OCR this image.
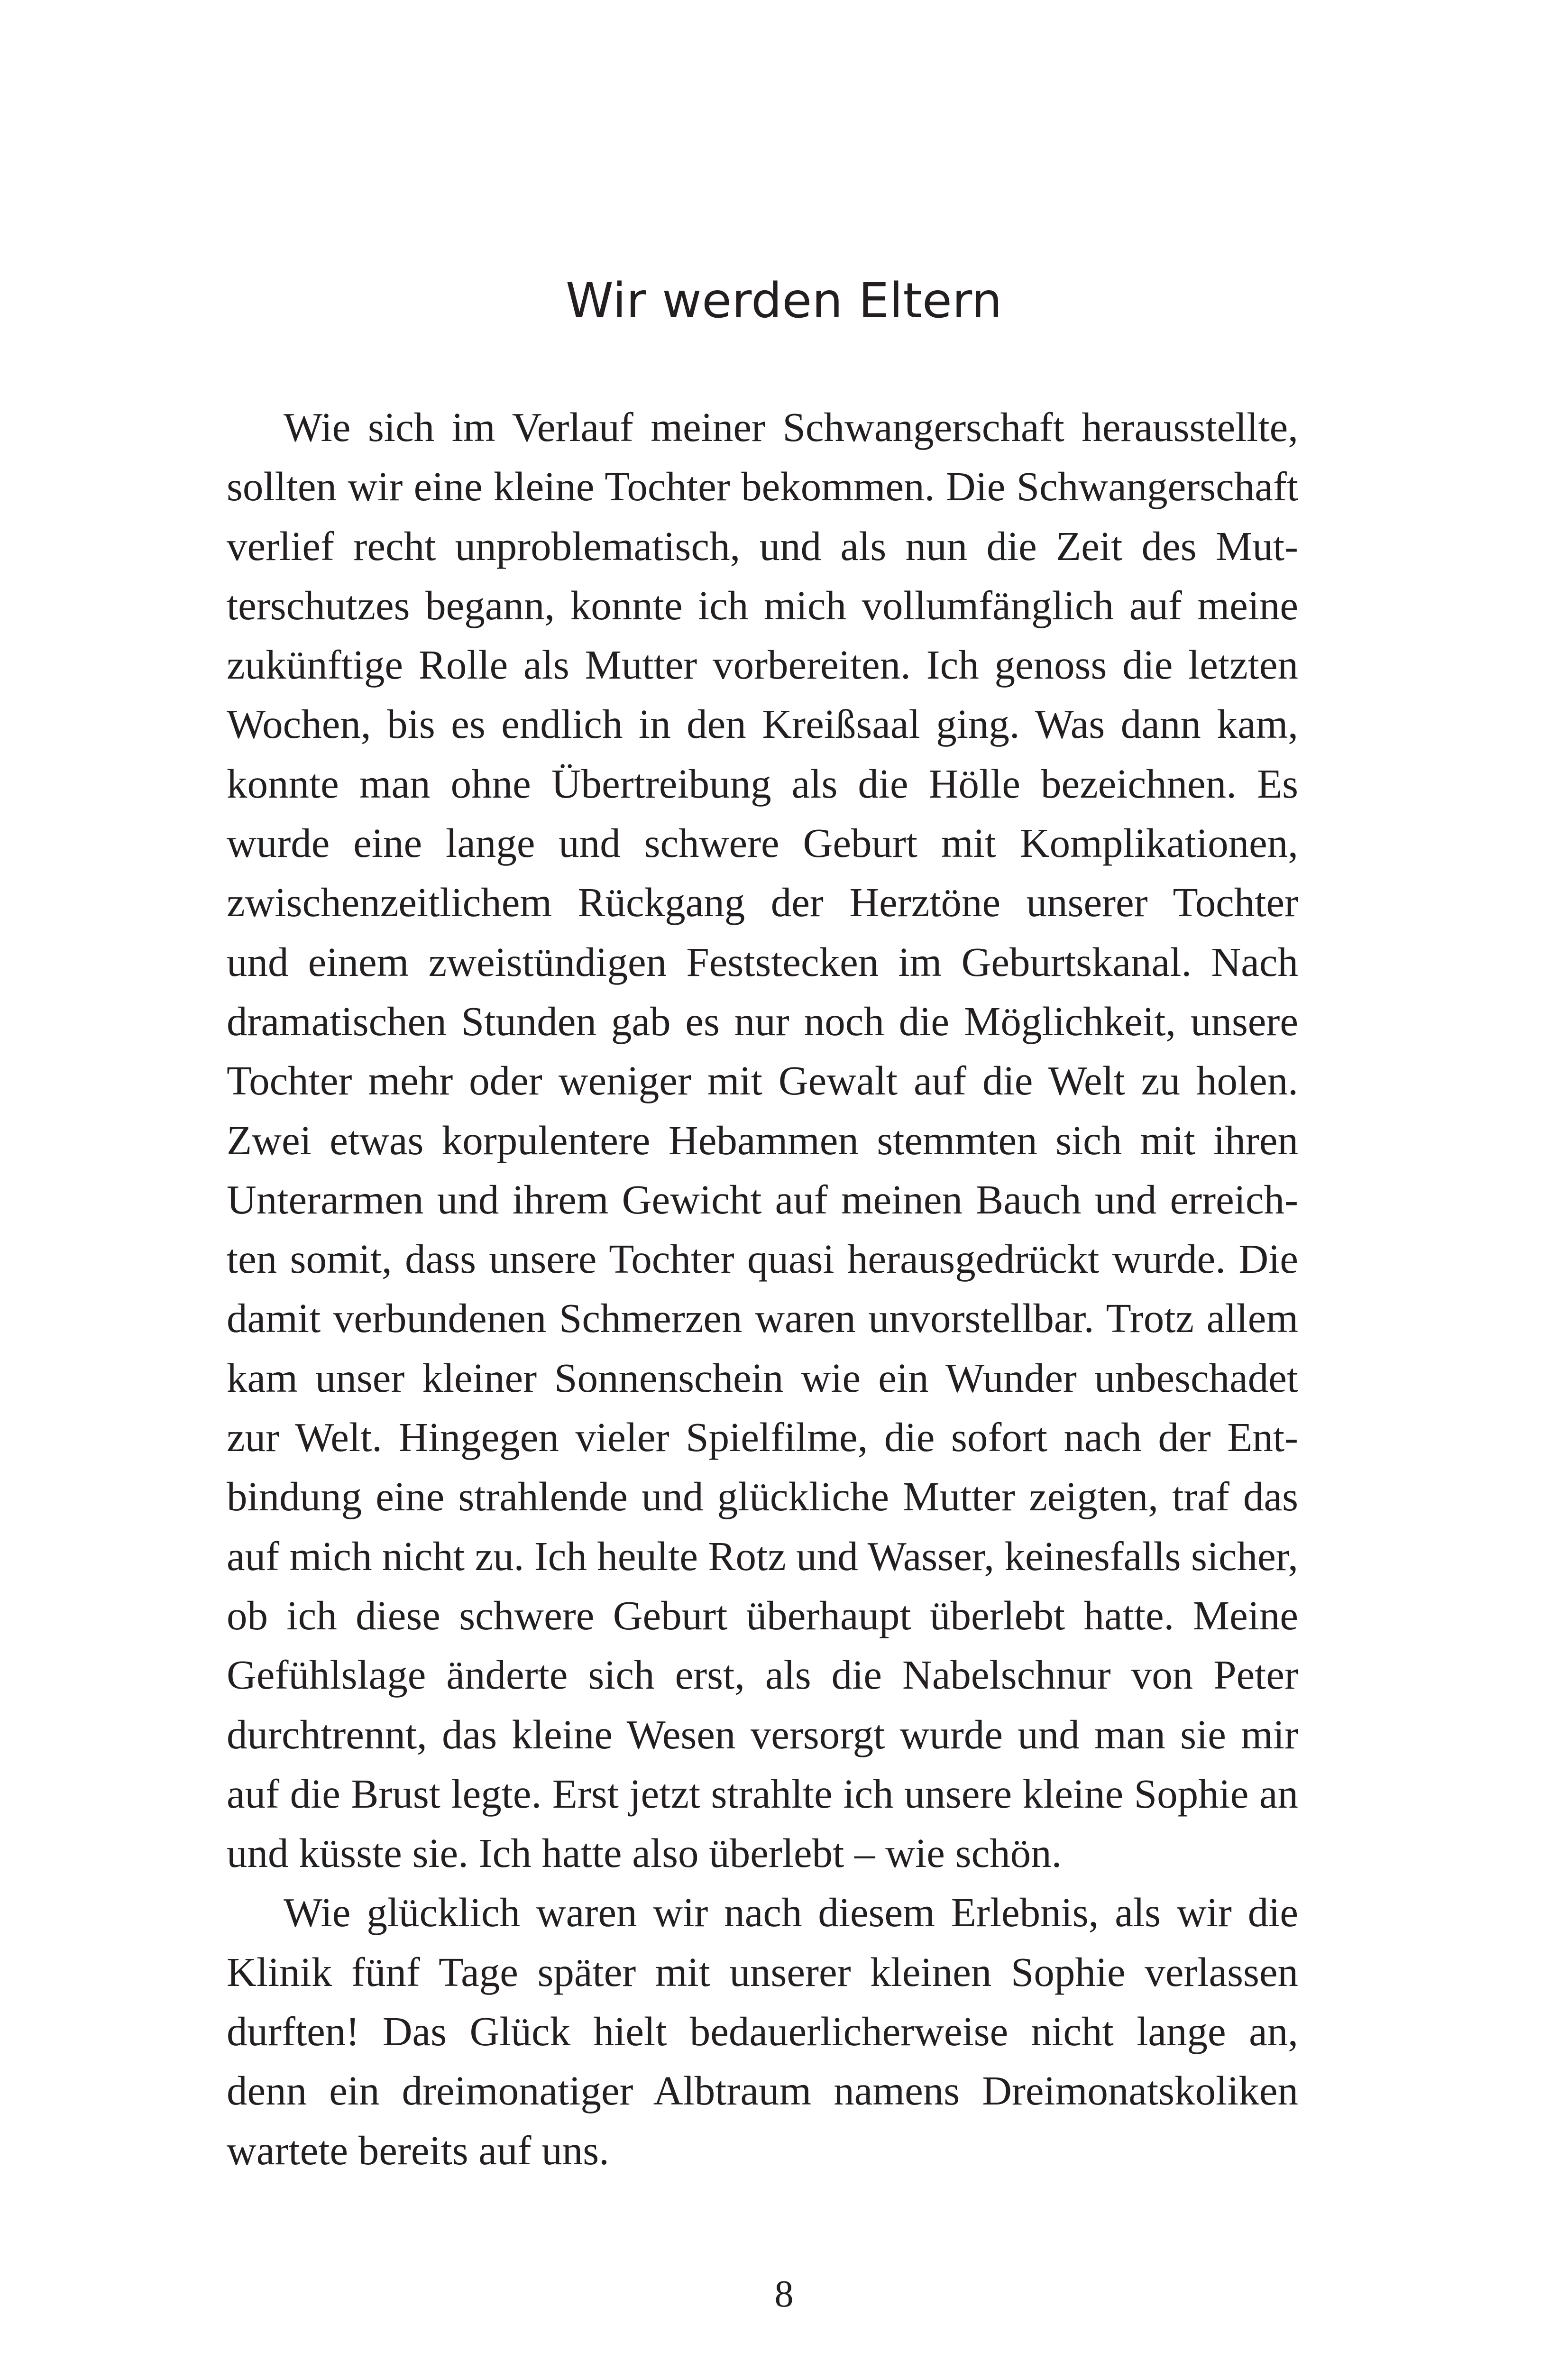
Wir werden Eltern
Wie sich im Verlauf meiner Schwangerschaft herausstellte,
sollten wir eine kleine Tochter bekommen. Die Schwangerschaft
verlief recht unproblematisch, und als nun die Zeit des Mut-
terschutzes begann, konnte ich mich vollumfänglich auf meine
zukünftige Rolle als Mutter vorbereiten. Ich genoss die letzten
Wochen, bis es endlich in den Kreißsaal ging. Was dann kam,
konnte man ohne Übertreibung als die Hölle bezeichnen. Es
wurde eine lange und schwere Geburt mit Komplikationen,
zwischenzeitlichem Rückgang der Herztöne unserer Tochter
und einem zweistündigen Feststecken im Geburtskanal. Nach
dramatischen Stunden gab es nur noch die Möglichkeit, unsere
Tochter mehr oder weniger mit Gewalt auf die Welt zu holen.
Zwei etwas korpulentere Hebammen stemmten sich mit ihren
Unterarmen und ihrem Gewicht auf meinen Bauch und erreich-
ten somit, dass unsere Tochter quasi herausgedrückt wurde. Die
damit verbundenen Schmerzen waren unvorstellbar. Trotz allem
kam unser kleiner Sonnenschein wie ein Wunder unbeschadet
zur Welt. Hingegen vieler Spielfilme, die sofort nach der Ent-
bindung eine strahlende und glückliche Mutter zeigten, traf das
auf mich nicht zu. Ich heulte Rotz und Wasser, keinesfalls sicher,
ob ich diese schwere Geburt überhaupt überlebt hatte. Meine
Gefühlslage änderte sich erst, als die Nabelschnur von Peter
durchtrennt, das kleine Wesen versorgt wurde und man sie mir
auf die Brust legte. Erst jetzt strahlte ich unsere kleine Sophie an
und küsste sie. Ich hatte also überlebt – wie schön.
Wie glücklich waren wir nach diesem Erlebnis, als wir die
Klinik fünf Tage später mit unserer kleinen Sophie verlassen
durften! Das Glück hielt bedauerlicherweise nicht lange an,
denn ein dreimonatiger Albtraum namens Dreimonatskoliken
wartete bereits auf uns.
8
